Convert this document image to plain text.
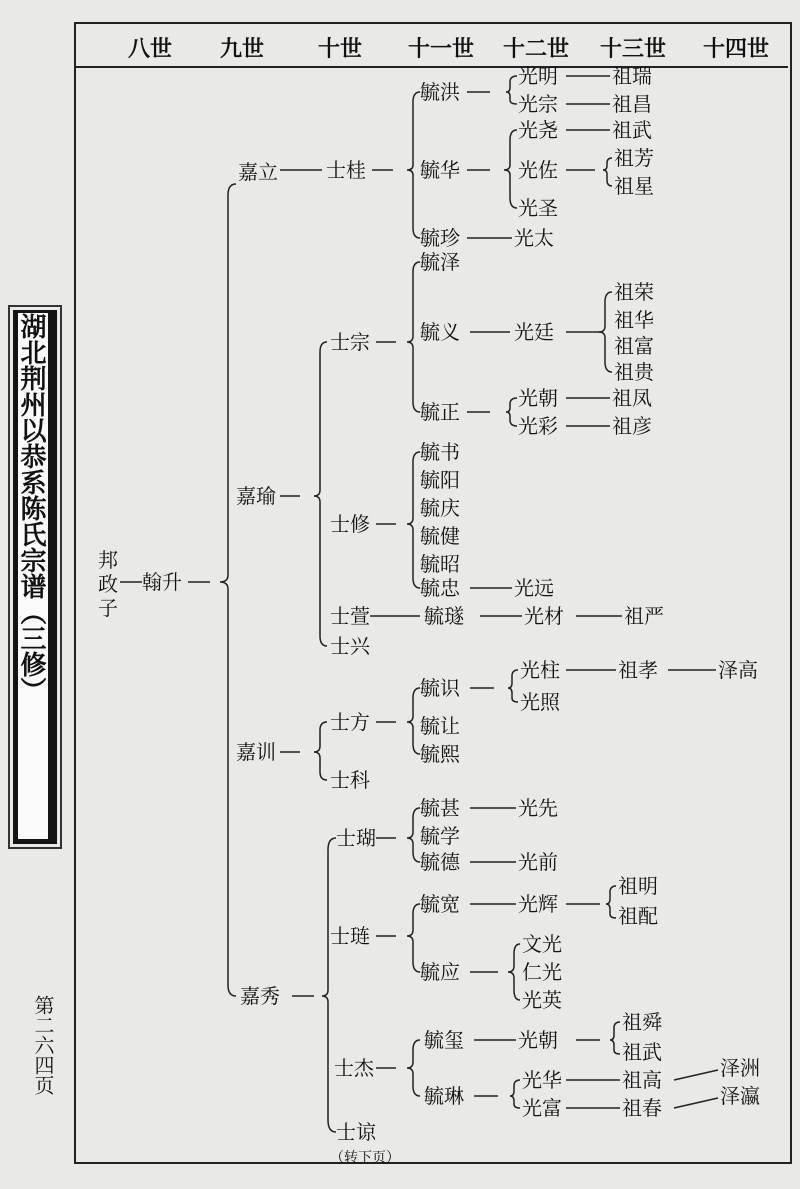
湖北荆州以恭系陈氏宗谱（三修）
第二六四页
八世 九世 十世 十一世 十二世 十三世 十四世
邦政子
翰升
嘉立
嘉瑜
嘉训
嘉秀
士桂
士宗
士修
士萱
士兴
士方
士科
士瑚
士琏
士杰
士谅
（转下页）
毓洪
毓华
毓珍
毓泽
毓义
毓正
毓书
毓阳
毓庆
毓健
毓昭
毓忠
毓璲
毓识
毓让
毓熙
毓甚
毓学
毓德
毓宽
毓应
毓玺
毓琳
光明
光宗
光尧
光佐
光圣
光太
光廷
光朝
光彩
光远
光材
光柱
光照
光先
光前
光辉
文光
仁光
光英
光朝
光华
光富
祖瑞
祖昌
祖武
祖芳
祖星
祖荣
祖华
祖富
祖贵
祖凤
祖彦
祖严
祖孝
祖明
祖配
祖舜
祖武
祖高
祖春
泽高
泽洲
泽瀛
